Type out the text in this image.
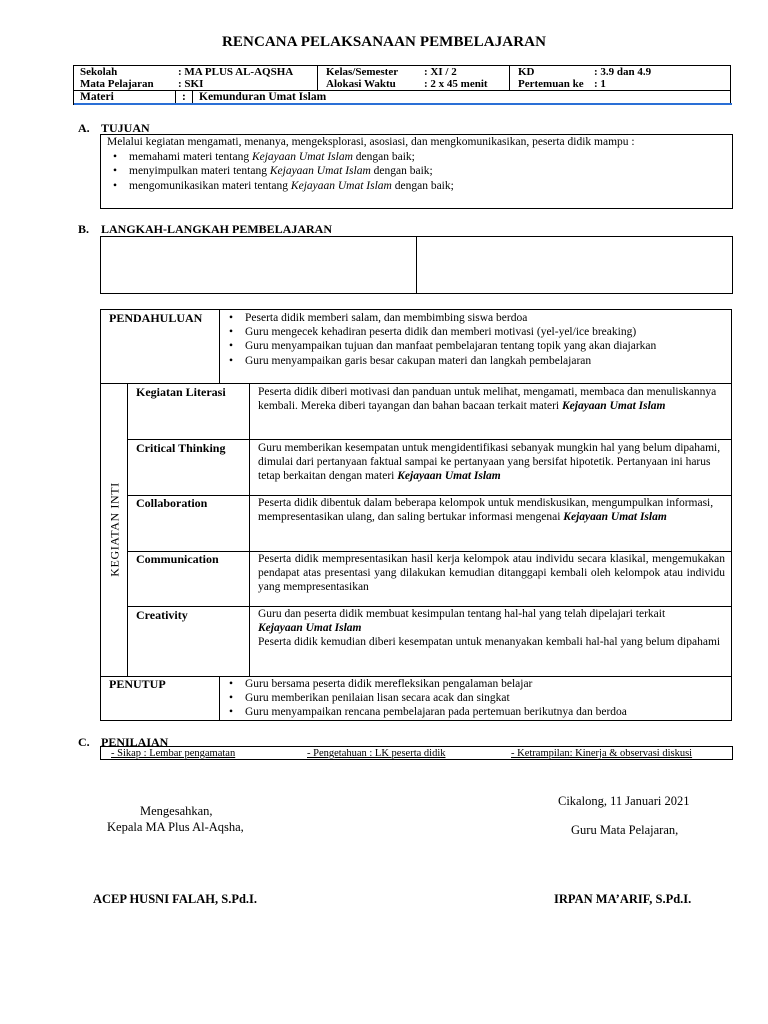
RENCANA PELAKSANAAN PEMBELAJARAN
Sekolah	: MA PLUS AL-AQSHA
Mata Pelajaran : SKI
Kelas/Semester : XI / 2
Alokasi Waktu	: 2 x 45 menit
KD	: 3.9 dan 4.9
Pertemuan ke : 1
Materi	: Kemunduran Umat Islam
A. TUJUAN
Melalui kegiatan mengamati, menanya, mengeksplorasi, asosiasi, dan mengkomunikasikan, peserta didik mampu :
• memahami materi tentang Kejayaan Umat Islam dengan baik;
• menyimpulkan materi tentang Kejayaan Umat Islam dengan baik;
• mengomunikasikan materi tentang Kejayaan Umat Islam dengan baik;
B. LANGKAH-LANGKAH PEMBELAJARAN
PENDAHULUAN	• Peserta didik memberi salam, dan membimbing siswa berdoa
• Guru mengecek kehadiran peserta didik dan memberi motivasi (yel-yel/ice breaking)
• Guru menyampaikan tujuan dan manfaat pembelajaran tentang topik yang akan diajarkan
• Guru menyampaikan garis besar cakupan materi dan langkah pembelajaran
KEGIATAN INTI
Kegiatan Literasi	Peserta didik diberi motivasi dan panduan untuk melihat, mengamati, membaca dan menuliskannya kembali. Mereka diberi tayangan dan bahan bacaan terkait materi Kejayaan Umat Islam
Critical Thinking	Guru memberikan kesempatan untuk mengidentifikasi sebanyak mungkin hal yang belum dipahami, dimulai dari pertanyaan faktual sampai ke pertanyaan yang bersifat hipotetik. Pertanyaan ini harus tetap berkaitan dengan materi Kejayaan Umat Islam
Collaboration	Peserta didik dibentuk dalam beberapa kelompok untuk mendiskusikan, mengumpulkan informasi, mempresentasikan ulang, dan saling bertukar informasi mengenai Kejayaan Umat Islam
Communication	Peserta didik mempresentasikan hasil kerja kelompok atau individu secara klasikal, mengemukakan pendapat atas presentasi yang dilakukan kemudian ditanggapi kembali oleh kelompok atau individu yang mempresentasikan
Creativity	Guru dan peserta didik membuat kesimpulan tentang hal-hal yang telah dipelajari terkait
Kejayaan Umat Islam
Peserta didik kemudian diberi kesempatan untuk menanyakan kembali hal-hal yang belum dipahami
PENUTUP	• Guru bersama peserta didik merefleksikan pengalaman belajar
• Guru memberikan penilaian lisan secara acak dan singkat
• Guru menyampaikan rencana pembelajaran pada pertemuan berikutnya dan berdoa
C. PENILAIAN
- Sikap : Lembar pengamatan	- Pengetahuan : LK peserta didik	- Ketrampilan: Kinerja & observasi diskusi
Mengesahkan,
Kepala MA Plus Al-Aqsha,
ACEP HUSNI FALAH, S.Pd.I.
Cikalong, 11 Januari 2021
Guru Mata Pelajaran,
IRPAN MA’ARIF, S.Pd.I.
